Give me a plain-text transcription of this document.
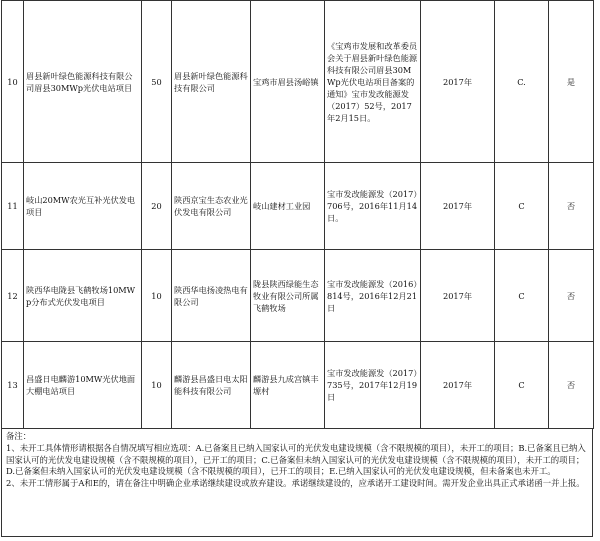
10	眉县新叶绿色能源科技有限公司眉县30MWp光伏电站项目	50	眉县新叶绿色能源科技有限公司	宝鸡市眉县汤峪镇	《宝鸡市发展和改革委员会关于眉县新叶绿色能源科技有限公司眉县30MWp光伏电站项目备案的通知》宝市发改能源发（2017）52号，2017年2月15日。	2017年	C.	是
11	岐山20MW农光互补光伏发电项目	20	陕西京宝生态农业光伏发电有限公司	岐山建材工业园	宝市发改能源发（2017）706号，2016年11月14日。	2017年	C	否
12	陕西华电陇县飞鹤牧场10MWp分布式光伏发电项目	10	陕西华电扬凌热电有限公司	陇县陕西绿能生态牧业有限公司所属飞鹤牧场	宝市发改能源发（2016）814号，2016年12月21日	2017年	C	否
13	昌盛日电麟游10MW光伏地面大棚电站项目	10	麟游县昌盛日电太阳能科技有限公司	麟游县九成宫镇丰塬村	宝市发改能源发（2017）735号，2017年12月19日	2017年	C	否

备注：

1、未开工具体情形请根据各自情况填写相应选项：A.已备案且已纳入国家认可的光伏发电建设规模（含不限规模的项目），未开工的项目；B.已备案且已纳入国家认可的光伏发电建设规模（含不限规模的项目），已开工的项目；C.已备案但未纳入国家认可的光伏发电建设规模（含不限规模的项目），未开工的项目；D.已备案但未纳入国家认可的光伏发电建设规模（含不限规模的项目），已开工的项目；E.已纳入国家认可的光伏发电建设规模，但未备案也未开工。

2、未开工情形属于A和E的，请在备注中明确企业承诺继续建设或放弃建设。承诺继续建设的，应承诺开工建设时间。需开发企业出具正式承诺函一并上报。
